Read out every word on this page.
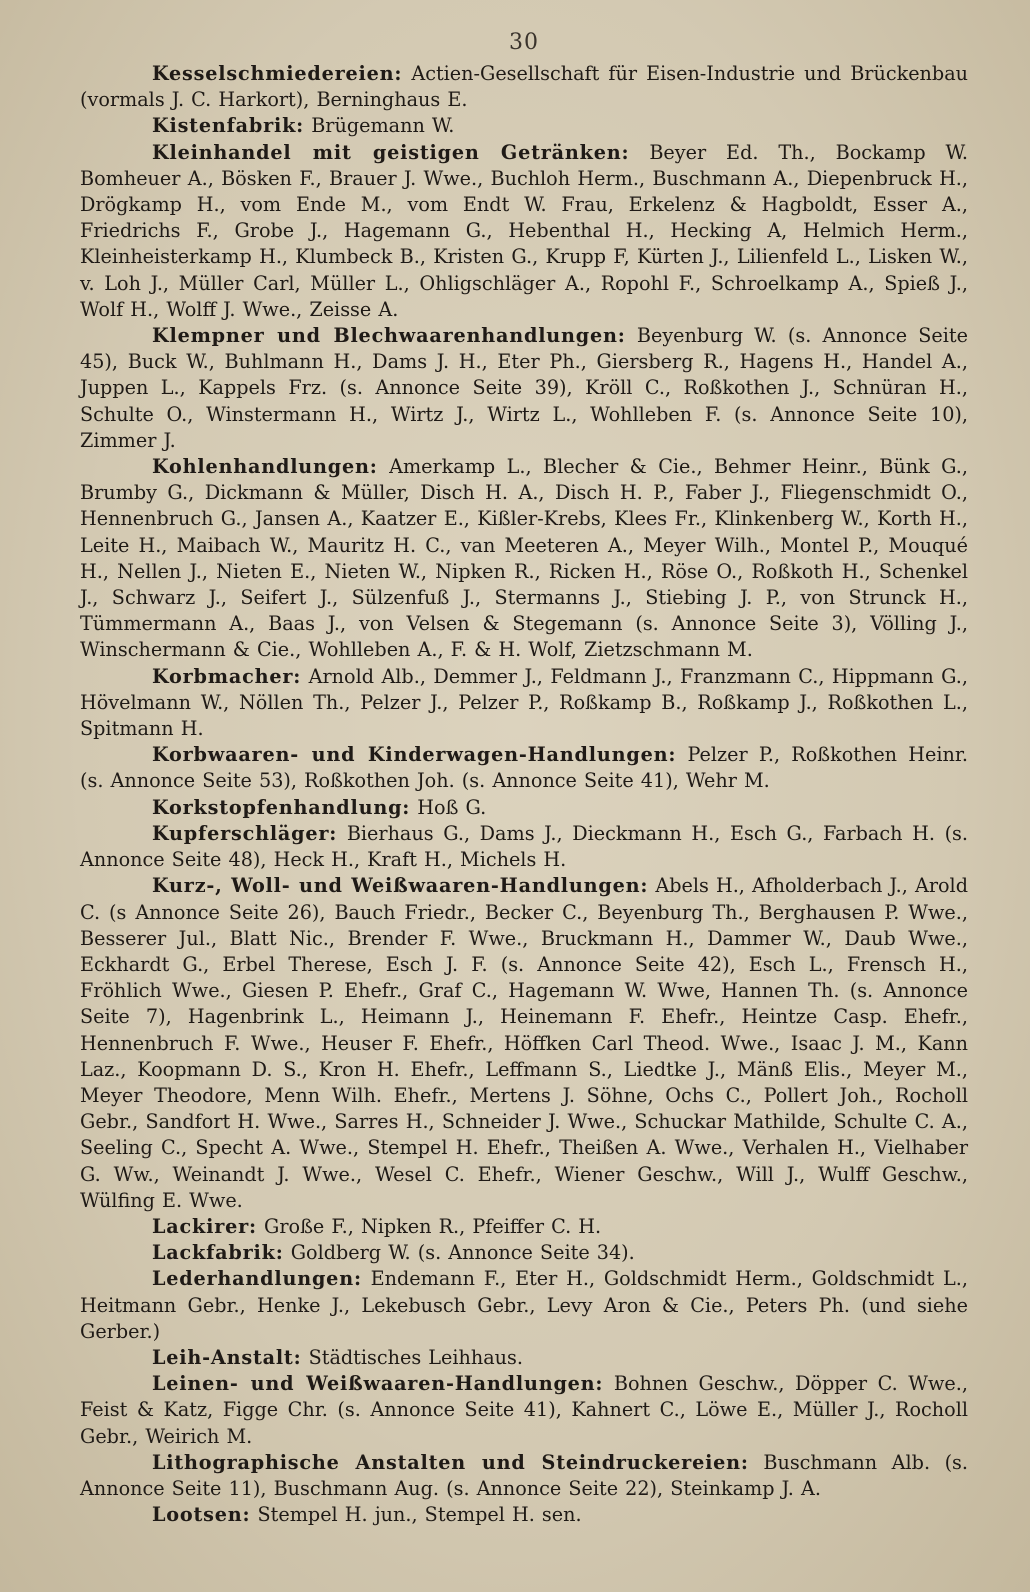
30

Kesselschmiedereien: Actien-Gesellschaft für Eisen-Industrie und Brückenbau (vormals J. C. Harkort), Berninghaus E.

Kistenfabrik: Brügemann W.

Kleinhandel mit geistigen Getränken: Beyer Ed. Th., Bockamp W. Bomheuer A., Bösken F., Brauer J. Wwe., Buchloh Herm., Buschmann A., Diepenbruck H., Drögkamp H., vom Ende M., vom Endt W. Frau, Erkelenz & Hagboldt, Esser A., Friedrichs F., Grobe J., Hagemann G., Hebenthal H., Hecking A, Helmich Herm., Kleinheisterkamp H., Klumbeck B., Kristen G., Krupp F, Kürten J., Lilienfeld L., Lisken W., v. Loh J., Müller Carl, Müller L., Ohligschläger A., Ropohl F., Schroelkamp A., Spieß J., Wolf H., Wolff J. Wwe., Zeisse A.

Klempner und Blechwaarenhandlungen: Beyenburg W. (s. Annonce Seite 45), Buck W., Buhlmann H., Dams J. H., Eter Ph., Giersberg R., Hagens H., Handel A., Juppen L., Kappels Frz. (s. Annonce Seite 39), Kröll C., Roßkothen J., Schnüran H., Schulte O., Winstermann H., Wirtz J., Wirtz L., Wohlleben F. (s. Annonce Seite 10), Zimmer J.

Kohlenhandlungen: Amerkamp L., Blecher & Cie., Behmer Heinr., Bünk G., Brumby G., Dickmann & Müller, Disch H. A., Disch H. P., Faber J., Fliegenschmidt O., Hennenbruch G., Jansen A., Kaatzer E., Kißler-Krebs, Klees Fr., Klinkenberg W., Korth H., Leite H., Maibach W., Mauritz H. C., van Meeteren A., Meyer Wilh., Montel P., Mouqué H., Nellen J., Nieten E., Nieten W., Nipken R., Ricken H., Röse O., Roßkoth H., Schenkel J., Schwarz J., Seifert J., Sülzenfuß J., Stermanns J., Stiebing J. P., von Strunck H., Tümmermann A., Baas J., von Velsen & Stegemann (s. Annonce Seite 3), Völling J., Winschermann & Cie., Wohlleben A., F. & H. Wolf, Zietzschmann M.

Korbmacher: Arnold Alb., Demmer J., Feldmann J., Franzmann C., Hippmann G., Hövelmann W., Nöllen Th., Pelzer J., Pelzer P., Roßkamp B., Roßkamp J., Roßkothen L., Spitmann H.

Korbwaaren- und Kinderwagen-Handlungen: Pelzer P., Roßkothen Heinr. (s. Annonce Seite 53), Roßkothen Joh. (s. Annonce Seite 41), Wehr M.

Korkstopfenhandlung: Hoß G.

Kupferschläger: Bierhaus G., Dams J., Dieckmann H., Esch G., Farbach H. (s. Annonce Seite 48), Heck H., Kraft H., Michels H.

Kurz-, Woll- und Weißwaaren-Handlungen: Abels H., Afholderbach J., Arold C. (s Annonce Seite 26), Bauch Friedr., Becker C., Beyenburg Th., Berghausen P. Wwe., Besserer Jul., Blatt Nic., Brender F. Wwe., Bruckmann H., Dammer W., Daub Wwe., Eckhardt G., Erbel Therese, Esch J. F. (s. Annonce Seite 42), Esch L., Frensch H., Fröhlich Wwe., Giesen P. Ehefr., Graf C., Hagemann W. Wwe, Hannen Th. (s. Annonce Seite 7), Hagenbrink L., Heimann J., Heinemann F. Ehefr., Heintze Casp. Ehefr., Hennenbruch F. Wwe., Heuser F. Ehefr., Höffken Carl Theod. Wwe., Isaac J. M., Kann Laz., Koopmann D. S., Kron H. Ehefr., Leffmann S., Liedtke J., Mänß Elis., Meyer M., Meyer Theodore, Menn Wilh. Ehefr., Mertens J. Söhne, Ochs C., Pollert Joh., Rocholl Gebr., Sandfort H. Wwe., Sarres H., Schneider J. Wwe., Schuckar Mathilde, Schulte C. A., Seeling C., Specht A. Wwe., Stempel H. Ehefr., Theißen A. Wwe., Verhalen H., Vielhaber G. Ww., Weinandt J. Wwe., Wesel C. Ehefr., Wiener Geschw., Will J., Wulff Geschw., Wülfing E. Wwe.

Lackirer: Große F., Nipken R., Pfeiffer C. H.

Lackfabrik: Goldberg W. (s. Annonce Seite 34).

Lederhandlungen: Endemann F., Eter H., Goldschmidt Herm., Goldschmidt L., Heitmann Gebr., Henke J., Lekebusch Gebr., Levy Aron & Cie., Peters Ph. (und siehe Gerber.)

Leih-Anstalt: Städtisches Leihhaus.

Leinen- und Weißwaaren-Handlungen: Bohnen Geschw., Döpper C. Wwe., Feist & Katz, Figge Chr. (s. Annonce Seite 41), Kahnert C., Löwe E., Müller J., Rocholl Gebr., Weirich M.

Lithographische Anstalten und Steindruckereien: Buschmann Alb. (s. Annonce Seite 11), Buschmann Aug. (s. Annonce Seite 22), Steinkamp J. A.

Lootsen: Stempel H. jun., Stempel H. sen.
